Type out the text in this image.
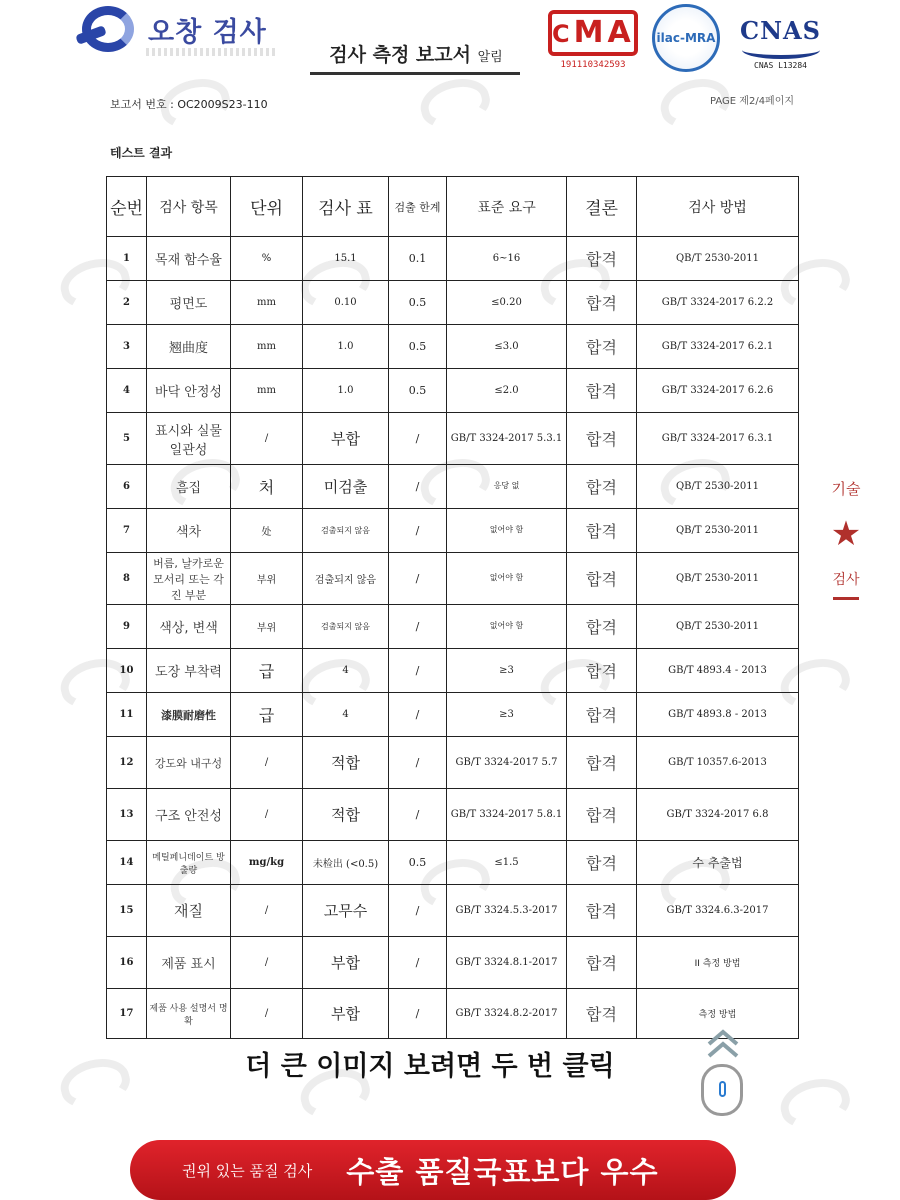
오창 검사
검사 측정 보고서 알림
CMA
191110342593
ilac-MRA CNAS
CNAS L13284
보고서 번호 : OC2009S23-110	PAGE 제2/4페이지
테스트 결과
순번	검사 항목	단위	검사 표	검출 한계	표준 요구	결론	검사 방법
1	목재 함수율	%	15.1	0.1	6~16	합격	QB/T 2530-2011
2	평면도	mm	0.10	0.5	≤0.20	합격	GB/T 3324-2017 6.2.2
3	翘曲度	mm	1.0	0.5	≤3.0	합격	GB/T 3324-2017 6.2.1
4	바닥 안정성	mm	1.0	0.5	≤2.0	합격	GB/T 3324-2017 6.2.6
5	표시와 실물 일관성	/	부합	/	GB/T 3324-2017 5.3.1	합격	GB/T 3324-2017 6.3.1
6	흠집	처	미검출	/	응당 없	합격	QB/T 2530-2011
7	색차	处	검출되지 않음	/	없어야 함	합격	QB/T 2530-2011
8	버름, 날카로운 모서리 또는 각진 부분	부위	검출되지 않음	/	없어야 함	합격	QB/T 2530-2011
9	색상, 변색	부위	검출되지 않음	/	없어야 함	합격	QB/T 2530-2011
10	도장 부착력	급	4	/	≥3	합격	GB/T 4893.4 - 2013
11	漆膜耐磨性	급	4	/	≥3	합격	GB/T 4893.8 - 2013
12	강도와 내구성	/	적합	/	GB/T 3324-2017 5.7	합격	GB/T 10357.6-2013
13	구조 안전성	/	적합	/	GB/T 3324-2017 5.8.1	합격	GB/T 3324-2017 6.8
14	메틸페니데이트 방출량	mg/kg	未检出 (<0.5)	0.5	≤1.5	합격	수 추출법
15	재질	/	고무수	/	GB/T 3324.5.3-2017	합격	GB/T 3324.6.3-2017
16	제품 표시	/	부합	/	GB/T 3324.8.1-2017	합격	II 측정 방법
17	제품 사용 설명서 명확	/	부합	/	GB/T 3324.8.2-2017	합격	측정 방법
기술
★
검사
더 큰 이미지 보려면 두 번 클릭
권위 있는 품질 검사 수출 품질국표보다 우수
